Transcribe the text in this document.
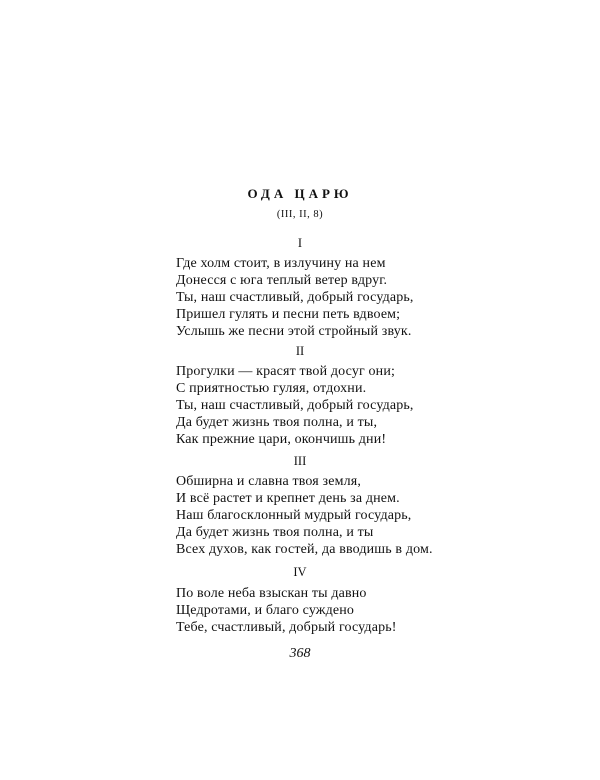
ОДА ЦАРЮ
(III, II, 8)
I
Где холм стоит, в излучину на нем
Донесся с юга теплый ветер вдруг.
Ты, наш счастливый, добрый государь,
Пришел гулять и песни петь вдвоем;
Услышь же песни этой стройный звук.
II
Прогулки — красят твой досуг они;
С приятностью гуляя, отдохни.
Ты, наш счастливый, добрый государь,
Да будет жизнь твоя полна, и ты,
Как прежние цари, окончишь дни!
III
Обширна и славна твоя земля,
И всё растет и крепнет день за днем.
Наш благосклонный мудрый государь,
Да будет жизнь твоя полна, и ты
Всех духов, как гостей, да вводишь в дом.
IV
По воле неба взыскан ты давно
Щедротами, и благо суждено
Тебе, счастливый, добрый государь!
368
